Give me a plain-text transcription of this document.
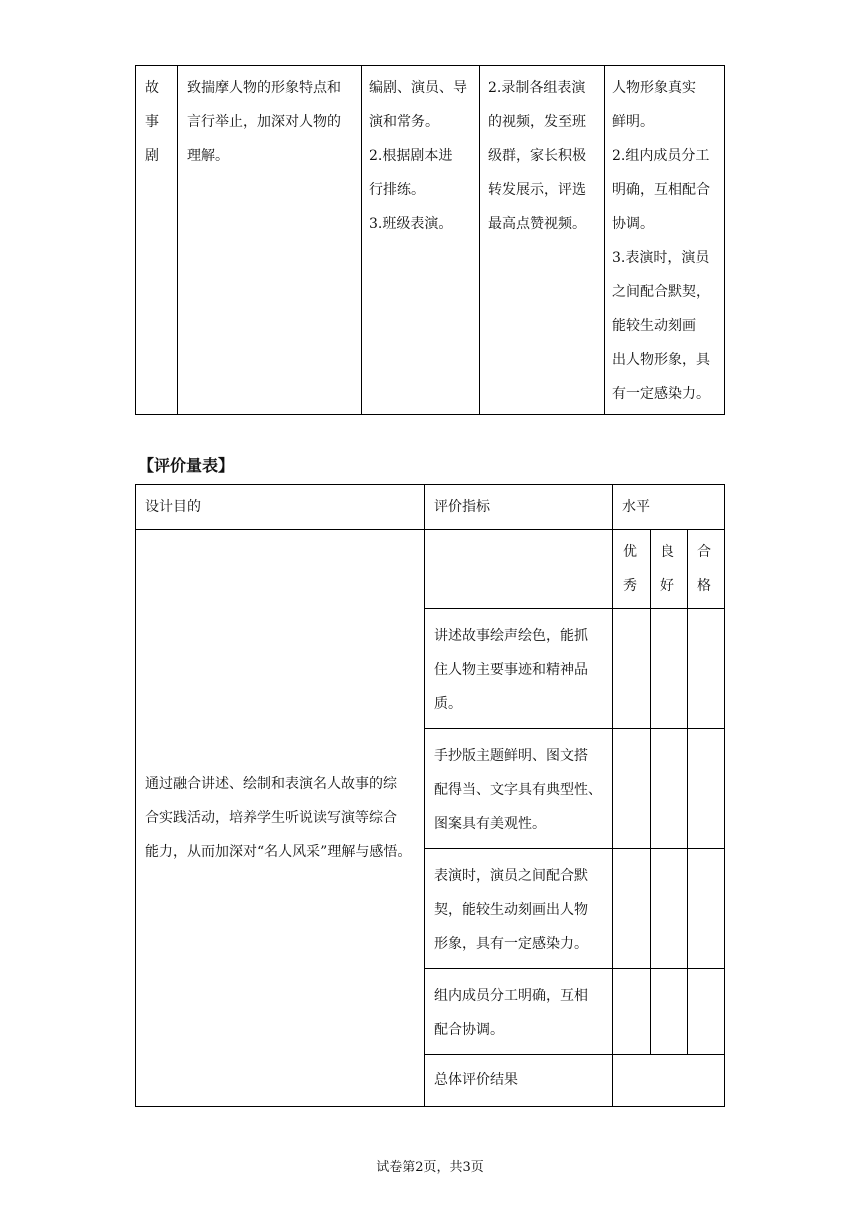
故
事
剧
致揣摩人物的形象特点和
言行举止，加深对人物的
理解。
编剧、演员、导
演和常务。
2.根据剧本进
行排练。
3.班级表演。
2.录制各组表演
的视频，发至班
级群，家长积极
转发展示，评选
最高点赞视频。
人物形象真实
鲜明。
2.组内成员分工
明确，互相配合
协调。
3.表演时，演员
之间配合默契，
能较生动刻画
出人物形象，具
有一定感染力。
【评价量表】
设计目的	评价指标	水平
优
秀
良
好
合
格
通过融合讲述、绘制和表演名人故事的综
合实践活动，培养学生听说读写演等综合
能力，从而加深对“名人风采”理解与感悟。
讲述故事绘声绘色，能抓
住人物主要事迹和精神品
质。
手抄版主题鲜明、图文搭
配得当、文字具有典型性、
图案具有美观性。
表演时，演员之间配合默
契，能较生动刻画出人物
形象，具有一定感染力。
组内成员分工明确，互相
配合协调。
总体评价结果
试卷第2页，共3页
